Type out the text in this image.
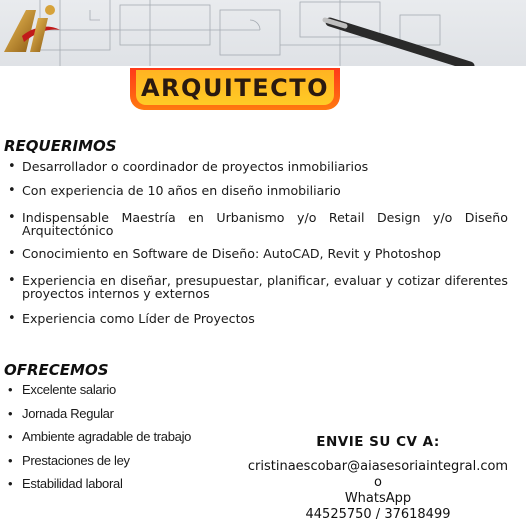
ARQUITECTO
REQUERIMOS
• Desarrollador o coordinador de proyectos inmobiliarios
• Con experiencia de 10 años en diseño inmobiliario
• Indispensable Maestría en Urbanismo y/o Retail Design y/o Diseño Arquitectónico
• Conocimiento en Software de Diseño: AutoCAD, Revit y Photoshop
• Experiencia en diseñar, presupuestar, planificar, evaluar y cotizar diferentes proyectos internos y externos
• Experiencia como Líder de Proyectos
OFRECEMOS
• Excelente salario
• Jornada Regular
• Ambiente agradable de trabajo
• Prestaciones de ley
• Estabilidad laboral
ENVIE SU CV A:
cristinaescobar@aiasesoriaintegral.com
o
WhatsApp
44525750 / 37618499
